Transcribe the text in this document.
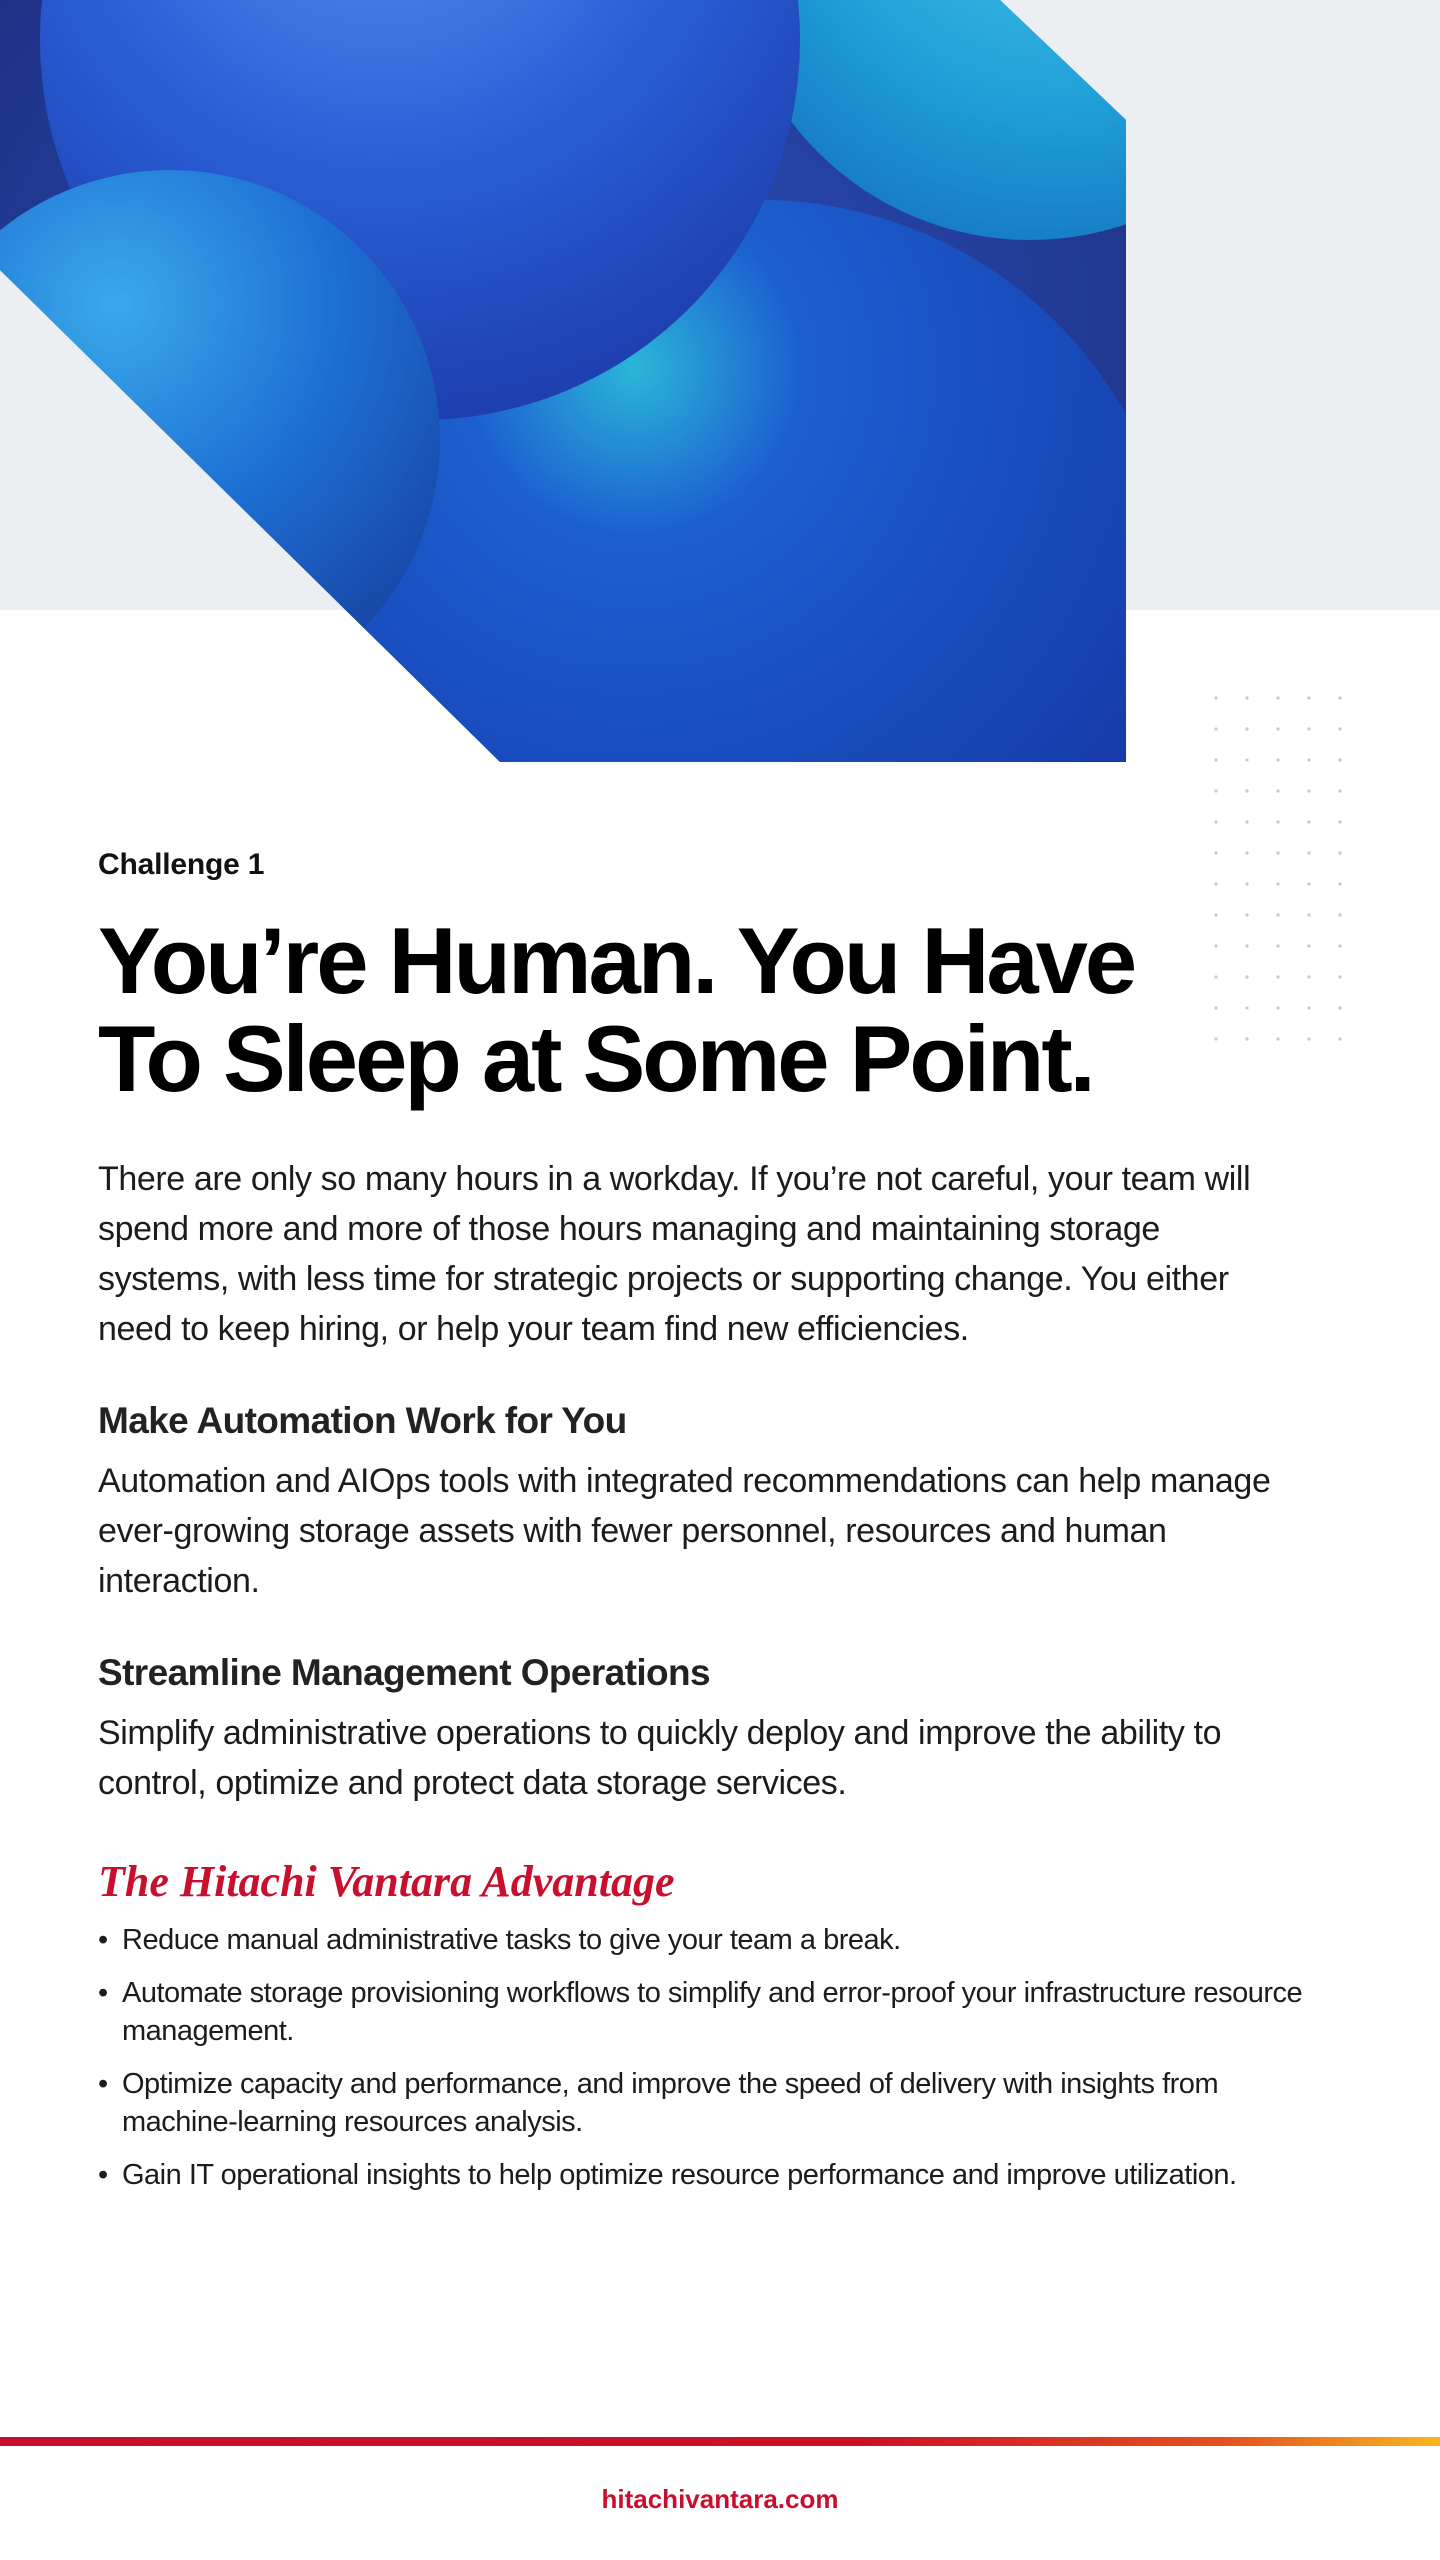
Challenge 1
You’re Human. You Have
To Sleep at Some Point.

There are only so many hours in a workday. If you’re not careful, your team will spend more and more of those hours managing and maintaining storage systems, with less time for strategic projects or supporting change. You either need to keep hiring, or help your team find new efficiencies.

Make Automation Work for You

Automation and AIOps tools with integrated recommendations can help manage ever-growing storage assets with fewer personnel, resources and human interaction.

Streamline Management Operations

Simplify administrative operations to quickly deploy and improve the ability to control, optimize and protect data storage services.

The Hitachi Vantara Advantage
• Reduce manual administrative tasks to give your team a break.
• Automate storage provisioning workflows to simplify and error-proof your infrastructure resource management.
• Optimize capacity and performance, and improve the speed of delivery with insights from machine-learning resources analysis.
• Gain IT operational insights to help optimize resource performance and improve utilization.
hitachivantara.com
